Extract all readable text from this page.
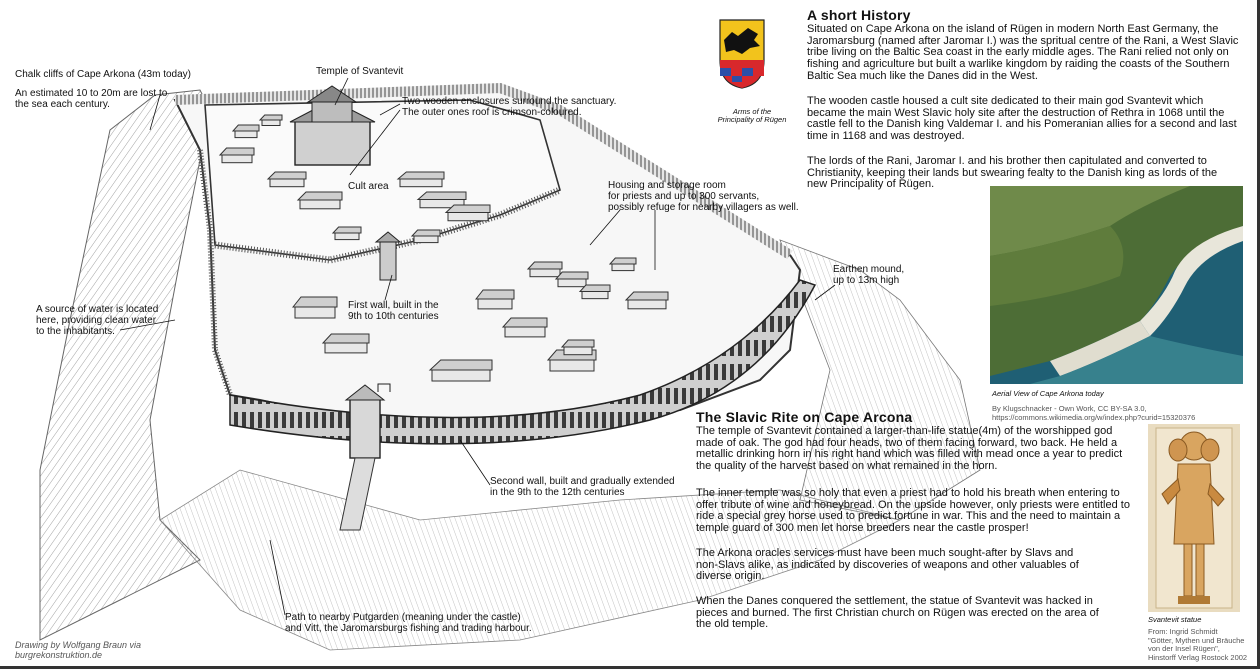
Chalk cliffs of Cape Arkona (43m today)
An estimated 10 to 20m are lost to
the sea each century.
Temple of Svantevit
Two wooden enclosures surround the sanctuary.
The outer ones roof is crimson-coloured.
Cult area	Housing and storage room
for priests and up to 300 servants,
possibly refuge for nearby villagers as well.
Earthen mound,
up to 13m high
A source of water is located
here, providing clean water
to the inhabitants.
First wall, built in the
9th to 10th centuries
Second wall, built and gradually extended
in the 9th to the 12th centuries
Path to nearby Putgarden (meaning under the castle)
and Vitt, the Jaromarsburgs fishing and trading harbour.
Drawing by Wolfgang Braun via
burgrekonstruktion.de
Arms of the
Principality of Rügen
A short History
Situated on Cape Arkona on the island of Rügen in modern North East Germany, the Jaromarsburg (named after Jaromar I.) was the spritual centre of the Rani, a West Slavic tribe living on the Baltic Sea coast in the early middle ages. The Rani relied not only on fishing and agriculture but built a warlike kingdom by raiding the coasts of the Southern Baltic Sea much like the Danes did in the West.
The wooden castle housed a cult site dedicated to their main god Svantevit which became the main West Slavic holy site after the destruction of Rethra in 1068 until the castle fell to the Danish king Valdemar I. and his Pomeranian allies for a second and last time in 1168 and was destroyed.
The lords of the Rani, Jaromar I. and his brother then capitulated and converted to Christianity, keeping their lands but swearing fealty to the Danish king as lords of the new Principality of Rügen.
Aerial View of Cape Arkona today
By Klugschnacker - Own Work, CC BY-SA 3.0,
https://commons.wikimedia.org/w/index.php?curid=15320376
The Slavic Rite on Cape Arcona
The temple of Svantevit contained a larger-than-life statue(4m) of the worshipped god made of oak. The god had four heads, two of them facing forward, two back. He held a metallic drinking horn in his right hand which was filled with mead once a year to predict the quality of the harvest based on what remained in the horn.
The inner temple was so holy that even a priest had to hold his breath when entering to offer tribute of wine and honeybread. On the upside however, only priests were entitled to ride a special grey horse used to predict fortune in war. This and the need to maintain a temple guard of 300 men let horse breeders near the castle prosper!
The Arkona oracles services must have been much sought-after by Slavs and non-Slavs alike, as indicated by discoveries of weapons and other valuables of diverse origin.
When the Danes conquered the settlement, the statue of Svantevit was hacked in pieces and burned. The first Christian church on Rügen was erected on the area of the old temple.	Svantevit statue
From: Ingrid Schmidt
"Götter, Mythen und Bräuche
von der Insel Rügen",
Hinstorff Verlag Rostock 2002
